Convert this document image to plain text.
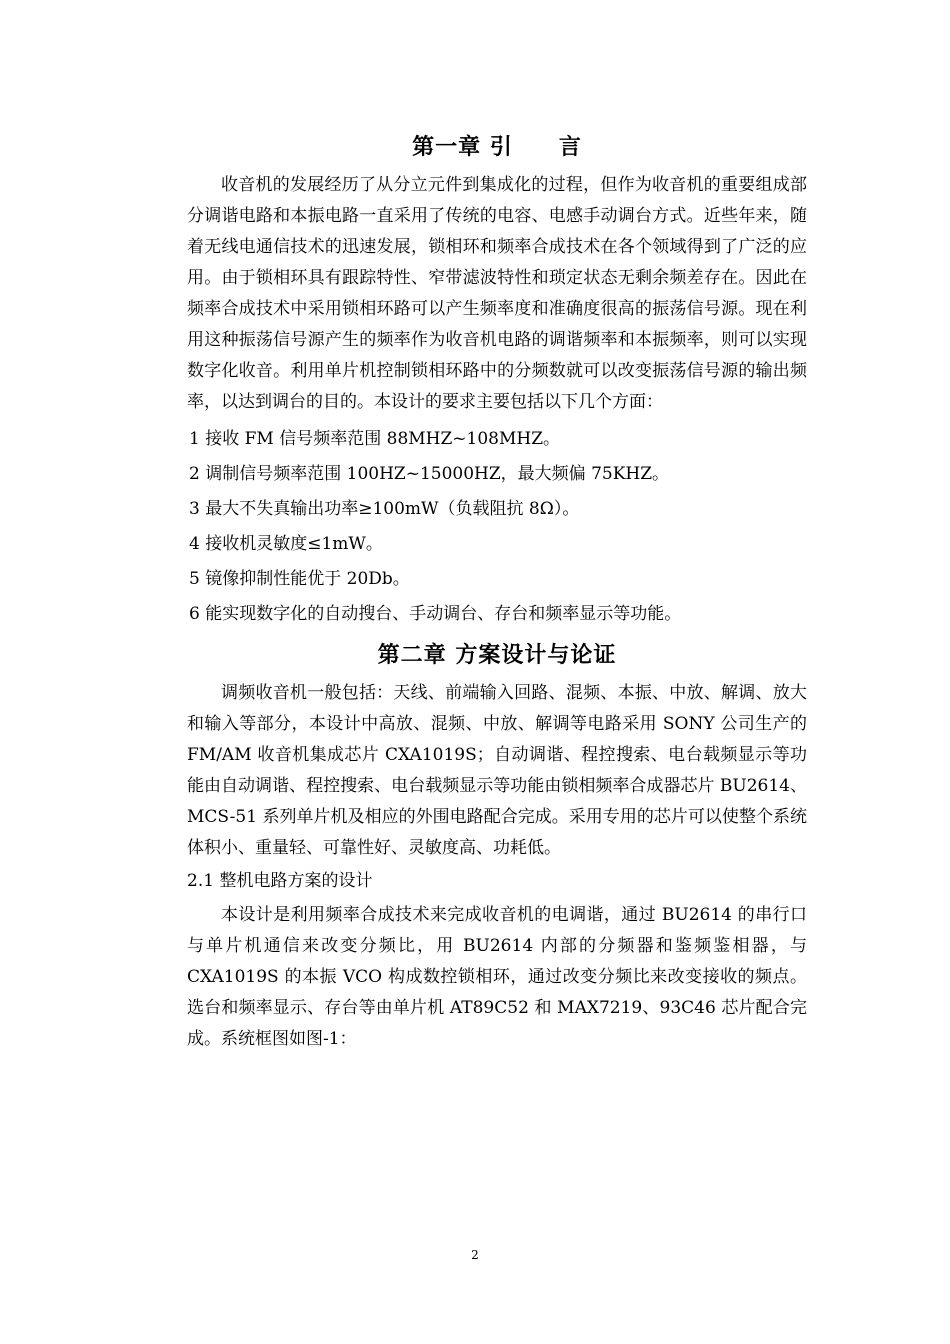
第一章 引　　言

收音机的发展经历了从分立元件到集成化的过程，但作为收音机的重要组成部分调谐电路和本振电路一直采用了传统的电容、电感手动调台方式。近些年来，随着无线电通信技术的迅速发展，锁相环和频率合成技术在各个领域得到了广泛的应用。由于锁相环具有跟踪特性、窄带滤波特性和琐定状态无剩余频差存在。因此在频率合成技术中采用锁相环路可以产生频率度和准确度很高的振荡信号源。现在利用这种振荡信号源产生的频率作为收音机电路的调谐频率和本振频率，则可以实现数字化收音。利用单片机控制锁相环路中的分频数就可以改变振荡信号源的输出频率，以达到调台的目的。本设计的要求主要包括以下几个方面：

1 接收 FM 信号频率范围 88MHZ~108MHZ。
2 调制信号频率范围 100HZ~15000HZ，最大频偏 75KHZ。
3 最大不失真输出功率≥100mW（负载阻抗 8Ω）。
4 接收机灵敏度≤1mW。
5 镜像抑制性能优于 20Db。
6 能实现数字化的自动搜台、手动调台、存台和频率显示等功能。
第二章 方案设计与论证

调频收音机一般包括：天线、前端输入回路、混频、本振、中放、解调、放大和输入等部分，本设计中高放、混频、中放、解调等电路采用 SONY 公司生产的 FM/AM 收音机集成芯片 CXA1019S；自动调谐、程控搜索、电台载频显示等功能由自动调谐、程控搜索、电台载频显示等功能由锁相频率合成器芯片 BU2614、MCS-51 系列单片机及相应的外围电路配合完成。采用专用的芯片可以使整个系统体积小、重量轻、可靠性好、灵敏度高、功耗低。

2.1 整机电路方案的设计

本设计是利用频率合成技术来完成收音机的电调谐，通过 BU2614 的串行口与单片机通信来改变分频比，用 BU2614 内部的分频器和鉴频鉴相器，与 CXA1019S 的本振 VCO 构成数控锁相环，通过改变分频比来改变接收的频点。选台和频率显示、存台等由单片机 AT89C52 和 MAX7219、93C46 芯片配合完成。系统框图如图-1：

2
